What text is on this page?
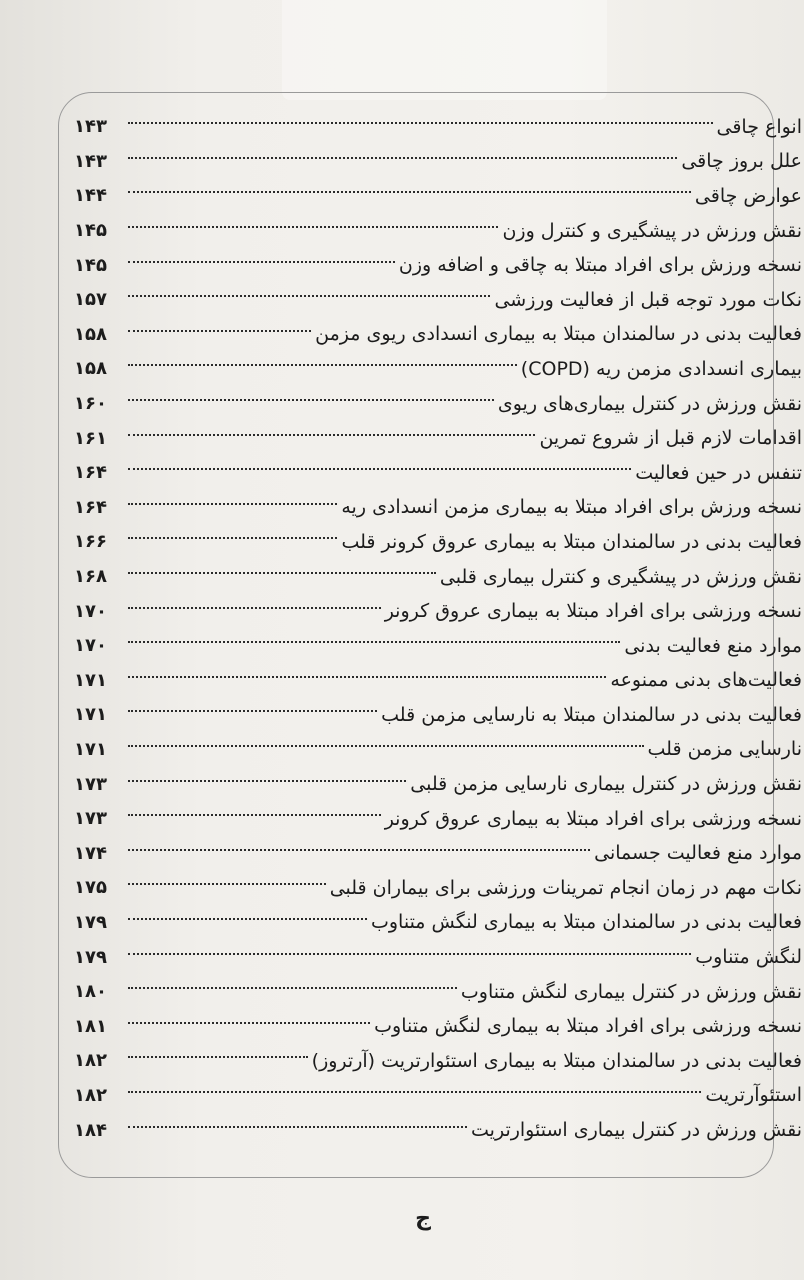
انواع چاقی
۱۴۳
علل بروز چاقی
۱۴۳
عوارض چاقی
۱۴۴
نقش ورزش در پیشگیری و کنترل وزن
۱۴۵
نسخه ورزش برای افراد مبتلا به چاقی و اضافه وزن
۱۴۵
نکات مورد توجه قبل از فعالیت ورزشی
۱۵۷
فعالیت بدنی در سالمندان مبتلا به بیماری انسدادی ریوی مزمن
۱۵۸
بیماری انسدادی مزمن ریه (COPD)
۱۵۸
نقش ورزش در کنترل بیماری‌های ریوی
۱۶۰
اقدامات لازم قبل از شروع تمرین
۱۶۱
تنفس در حین فعالیت
۱۶۴
نسخه ورزش برای افراد مبتلا به بیماری مزمن انسدادی ریه
۱۶۴
فعالیت بدنی در سالمندان مبتلا به بیماری عروق کرونر قلب
۱۶۶
نقش ورزش در پیشگیری و کنترل بیماری قلبی
۱۶۸
نسخه ورزشی برای افراد مبتلا به بیماری عروق کرونر
۱۷۰
موارد منع فعالیت بدنی
۱۷۰
فعالیت‌های بدنی ممنوعه
۱۷۱
فعالیت بدنی در سالمندان مبتلا به نارسایی مزمن قلب
۱۷۱
نارسایی مزمن قلب
۱۷۱
نقش ورزش در کنترل بیماری نارسایی مزمن قلبی
۱۷۳
نسخه ورزشی برای افراد مبتلا به بیماری عروق کرونر
۱۷۳
موارد منع فعالیت جسمانی
۱۷۴
نکات مهم در زمان انجام تمرینات ورزشی برای بیماران قلبی
۱۷۵
فعالیت بدنی در سالمندان مبتلا به بیماری لنگش متناوب
۱۷۹
لنگش متناوب
۱۷۹
نقش ورزش در کنترل بیماری لنگش متناوب
۱۸۰
نسخه ورزشی برای افراد مبتلا به بیماری لنگش متناوب
۱۸۱
فعالیت بدنی در سالمندان مبتلا به بیماری استئوارتریت (آرتروز)
۱۸۲
استئوآرتریت
۱۸۲
نقش ورزش در کنترل بیماری استئوارتریت
۱۸۴
ج
